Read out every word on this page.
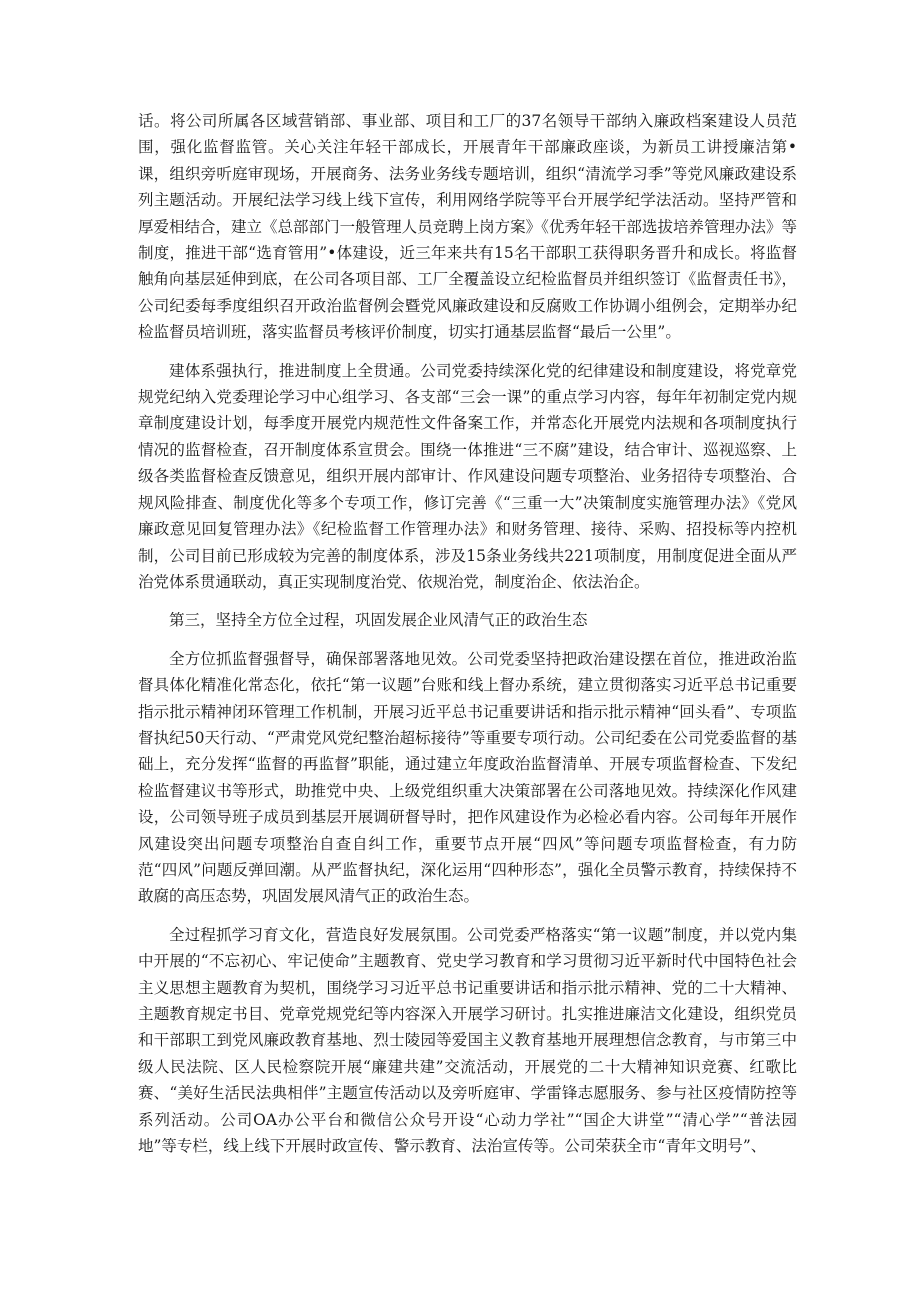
话。将公司所属各区域营销部、事业部、项目和工厂的37名领导干部纳入廉政档案建设人员范围，强化监督监管。关心关注年轻干部成长，开展青年干部廉政座谈，为新员工讲授廉洁第•课，组织旁听庭审现场，开展商务、法务业务线专题培训，组织“清流学习季”等党风廉政建设系列主题活动。开展纪法学习线上线下宣传，利用网络学院等平台开展学纪学法活动。坚持严管和厚爱相结合，建立《总部部门一般管理人员竞聘上岗方案》《优秀年轻干部选拔培养管理办法》等制度，推进干部“选育管用”•体建设，近三年来共有15名干部职工获得职务晋升和成长。将监督触角向基层延伸到底，在公司各项目部、工厂全覆盖设立纪检监督员并组织签订《监督责任书》，公司纪委每季度组织召开政治监督例会暨党风廉政建设和反腐败工作协调小组例会，定期举办纪检监督员培训班，落实监督员考核评价制度，切实打通基层监督“最后一公里”。

建体系强执行，推进制度上全贯通。公司党委持续深化党的纪律建设和制度建设，将党章党规党纪纳入党委理论学习中心组学习、各支部“三会一课”的重点学习内容，每年年初制定党内规章制度建设计划，每季度开展党内规范性文件备案工作，并常态化开展党内法规和各项制度执行情况的监督检查，召开制度体系宣贯会。围绕一体推进“三不腐”建设，结合审计、巡视巡察、上级各类监督检查反馈意见，组织开展内部审计、作风建设问题专项整治、业务招待专项整治、合规风险排查、制度优化等多个专项工作，修订完善《“三重一大”决策制度实施管理办法》《党风廉政意见回复管理办法》《纪检监督工作管理办法》和财务管理、接待、采购、招投标等内控机制，公司目前已形成较为完善的制度体系，涉及15条业务线共221项制度，用制度促进全面从严治党体系贯通联动，真正实现制度治党、依规治党，制度治企、依法治企。

第三，坚持全方位全过程，巩固发展企业风清气正的政治生态

全方位抓监督强督导，确保部署落地见效。公司党委坚持把政治建设摆在首位，推进政治监督具体化精准化常态化，依托“第一议题”台账和线上督办系统，建立贯彻落实习近平总书记重要指示批示精神闭环管理工作机制，开展习近平总书记重要讲话和指示批示精神“回头看”、专项监督执纪50天行动、“严肃党风党纪整治超标接待”等重要专项行动。公司纪委在公司党委监督的基础上，充分发挥“监督的再监督”职能，通过建立年度政治监督清单、开展专项监督检查、下发纪检监督建议书等形式，助推党中央、上级党组织重大决策部署在公司落地见效。持续深化作风建设，公司领导班子成员到基层开展调研督导时，把作风建设作为必检必看内容。公司每年开展作风建设突出问题专项整治自查自纠工作，重要节点开展“四风”等问题专项监督检查，有力防范“四风”问题反弹回潮。从严监督执纪，深化运用“四种形态”，强化全员警示教育，持续保持不敢腐的高压态势，巩固发展风清气正的政治生态。

全过程抓学习育文化，营造良好发展氛围。公司党委严格落实“第一议题”制度，并以党内集中开展的“不忘初心、牢记使命”主题教育、党史学习教育和学习贯彻习近平新时代中国特色社会主义思想主题教育为契机，围绕学习习近平总书记重要讲话和指示批示精神、党的二十大精神、主题教育规定书目、党章党规党纪等内容深入开展学习研讨。扎实推进廉洁文化建设，组织党员和干部职工到党风廉政教育基地、烈士陵园等爱国主义教育基地开展理想信念教育，与市第三中级人民法院、区人民检察院开展“廉建共建”交流活动，开展党的二十大精神知识竞赛、红歌比赛、“美好生活民法典相伴”主题宣传活动以及旁听庭审、学雷锋志愿服务、参与社区疫情防控等系列活动。公司OA办公平台和微信公众号开设“心动力学社”“国企大讲堂”“清心学”“普法园地”等专栏，线上线下开展时政宣传、警示教育、法治宣传等。公司荣获全市“青年文明号”、
